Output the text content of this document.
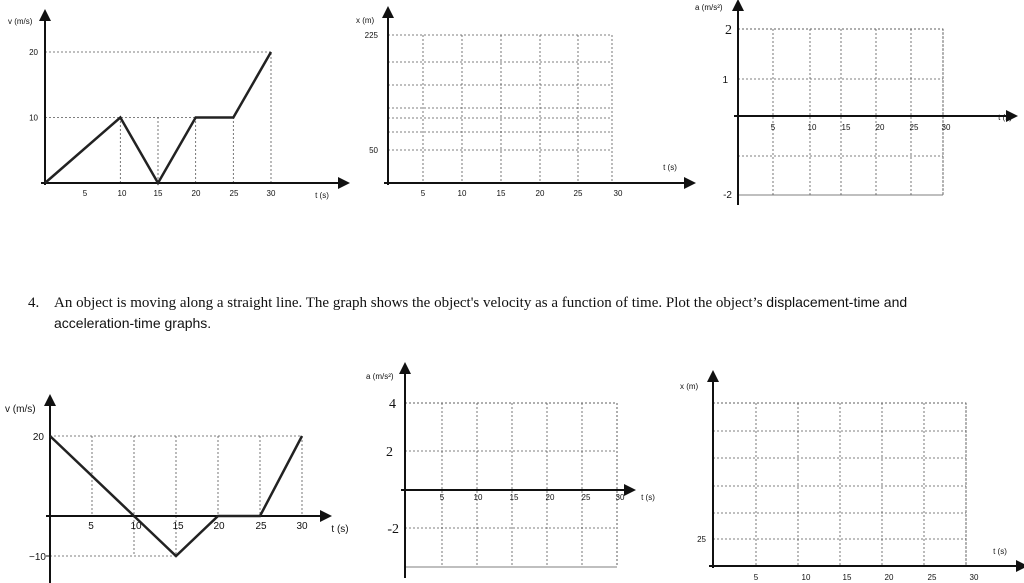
v (m/s)
t (s)
5	10	15	20	25	30
10
20
x (m)
t (s)
5	10	15	20	25	30
50
225
a (m/s²)
t (s)
5	10	15	20	25	30
2
1
-2
v (m/s)
t (s)
5	10	15	20	25	30
20
−10
a (m/s²)
t (s)
5	10	15	20	25	30
4
2
-2
x (m)
t (s)
5	10	15	20	25	30
25
4. An object is moving along a straight line. The graph shows the object's velocity as a function of time. Plot the object’s displacement-time and
acceleration-time graphs.
